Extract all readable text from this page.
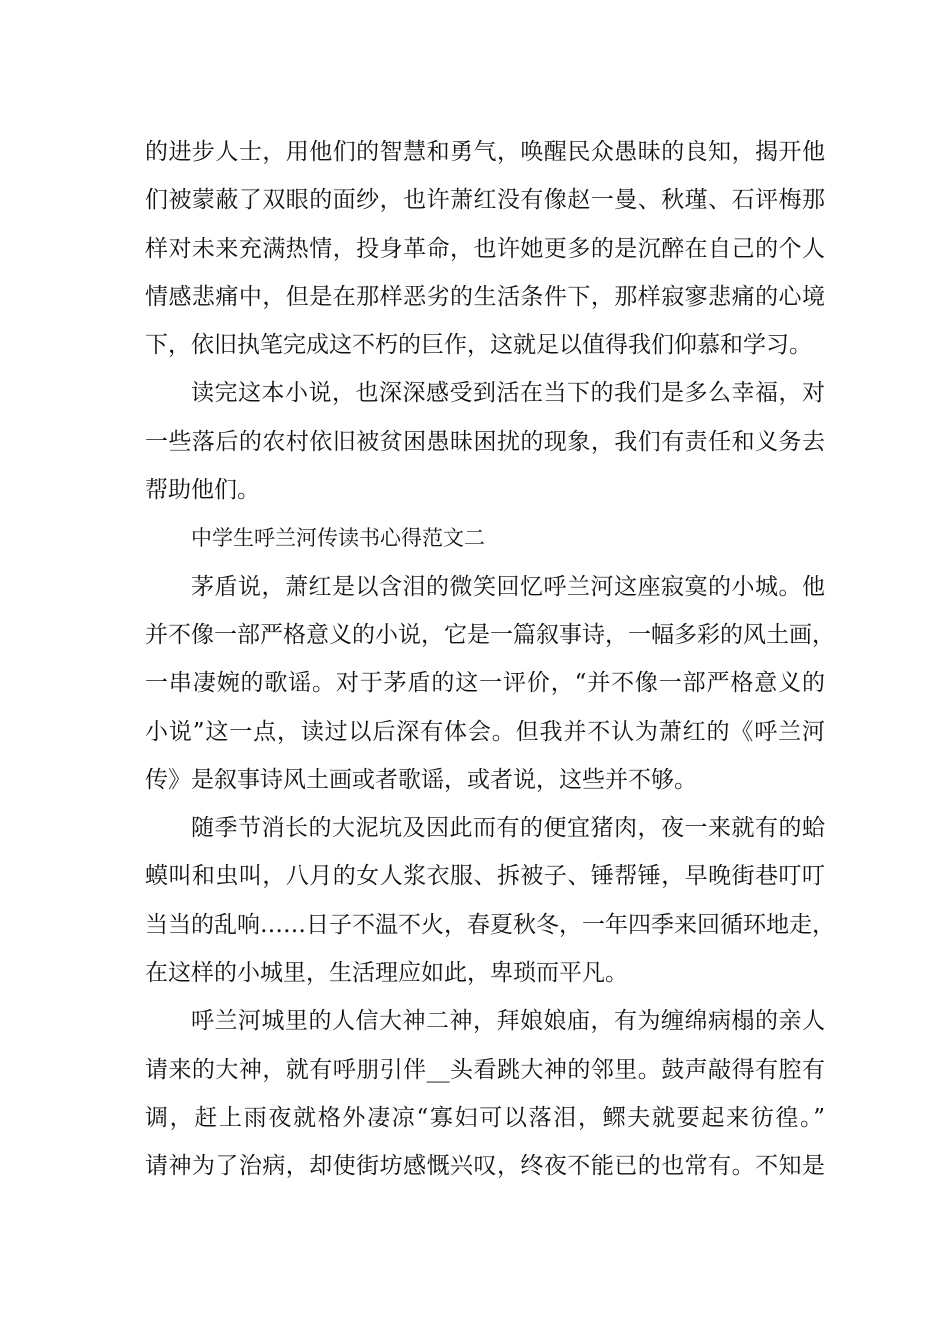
的进步人士，用他们的智慧和勇气，唤醒民众愚昧的良知，揭开他
们被蒙蔽了双眼的面纱，也许萧红没有像赵一曼、秋瑾、石评梅那
样对未来充满热情，投身革命，也许她更多的是沉醉在自己的个人
情感悲痛中，但是在那样恶劣的生活条件下，那样寂寥悲痛的心境
下，依旧执笔完成这不朽的巨作，这就足以值得我们仰慕和学习。
读完这本小说，也深深感受到活在当下的我们是多么幸福，对
一些落后的农村依旧被贫困愚昧困扰的现象，我们有责任和义务去
帮助他们。
中学生呼兰河传读书心得范文二
茅盾说，萧红是以含泪的微笑回忆呼兰河这座寂寞的小城。他
并不像一部严格意义的小说，它是一篇叙事诗，一幅多彩的风土画，
一串凄婉的歌谣。对于茅盾的这一评价，“并不像一部严格意义的
小说”这一点，读过以后深有体会。但我并不认为萧红的《呼兰河
传》是叙事诗风土画或者歌谣，或者说，这些并不够。
随季节消长的大泥坑及因此而有的便宜猪肉，夜一来就有的蛤
蟆叫和虫叫，八月的女人浆衣服、拆被子、锤帮锤，早晚街巷叮叮
当当的乱响……日子不温不火，春夏秋冬，一年四季来回循环地走，
在这样的小城里，生活理应如此，卑琐而平凡。
呼兰河城里的人信大神二神，拜娘娘庙，有为缠绵病榻的亲人
请来的大神，就有呼朋引伴__头看跳大神的邻里。鼓声敲得有腔有
调，赶上雨夜就格外凄凉“寡妇可以落泪，鳏夫就要起来彷徨。”
请神为了治病，却使街坊感慨兴叹，终夜不能已的也常有。不知是
